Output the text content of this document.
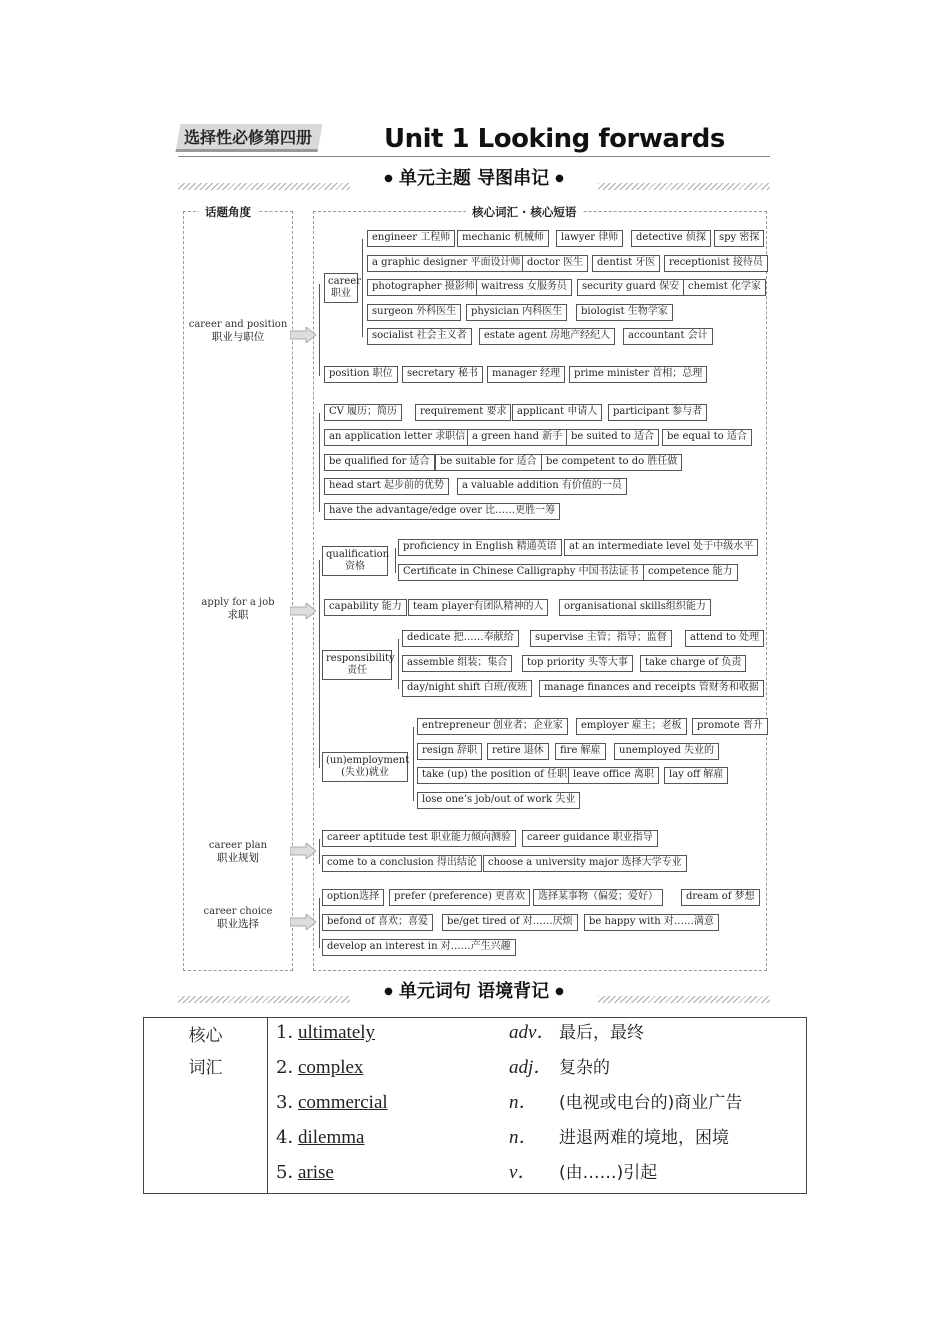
选择性必修第四册	Unit 1 Looking forwards
● 单元主题 导图串记 ●
话题角度	核心词汇 · 核心短语
career and position
职业与职位
apply for a job
求职
career plan
职业规划
career choice
职业选择
career
职业
engineer 工程师	mechanic 机械师	lawyer 律师	detective 侦探	spy 密探
a graphic designer 平面设计师 doctor 医生	dentist 牙医	receptionist 接待员
photographer 摄影师 waitress 女服务员	security guard 保安 chemist 化学家
surgeon 外科医生	physician 内科医生	biologist 生物学家
socialist 社会主义者	estate agent 房地产经纪人	accountant 会计
position 职位	secretary 秘书	manager 经理	prime minister 首相；总理
CV 履历；简历	requirement 要求	applicant 申请人	participant 参与者
an application letter 求职信 a green hand 新手 be suited to 适合	be equal to 适合
be qualified for 适合	be suitable for 适合 be competent to do 胜任做
head start 起步前的优势	a valuable addition 有价值的一员
have the advantage/edge over 比……更胜一筹
qualification
资格
proficiency in English 精通英语	at an intermediate level 处于中级水平
Certificate in Chinese Calligraphy 中国书法证书 competence 能力
capability 能力	team player有团队精神的人	organisational skills组织能力
responsibility
责任
dedicate 把……奉献给	supervise 主管；指导；监督	attend to 处理
assemble 组装；集合	top priority 头等大事	take charge of 负责
day/night shift 白班/夜班	manage finances and receipts 管财务和收据
(un)employment
(失业)就业
entrepreneur 创业者；企业家	employer 雇主；老板	promote 晋升
resign 辞职	retire 退休	fire 解雇	unemployed 失业的
take (up) the position of 任职 leave office 离职	lay off 解雇
lose one’s job/out of work 失业
career aptitude test 职业能力倾向测验	career guidance 职业指导
come to a conclusion 得出结论	choose a university major 选择大学专业
option选择	prefer (preference) 更喜欢	选择某事物（偏爱；爱好）	dream of 梦想
befond of 喜欢；喜爱	be/get tired of 对……厌烦	be happy with 对……满意
develop an interest in 对……产生兴趣
● 单元词句 语境背记 ●
核心
词汇

1．
ultimately	adv． 最后，最终
2．
complex	adj． 复杂的
3．
commercial	n．	(电视或电台的)商业广告
4．
dilemma	n．	进退两难的境地，困境
5．
arise	v．	(由……)引起
